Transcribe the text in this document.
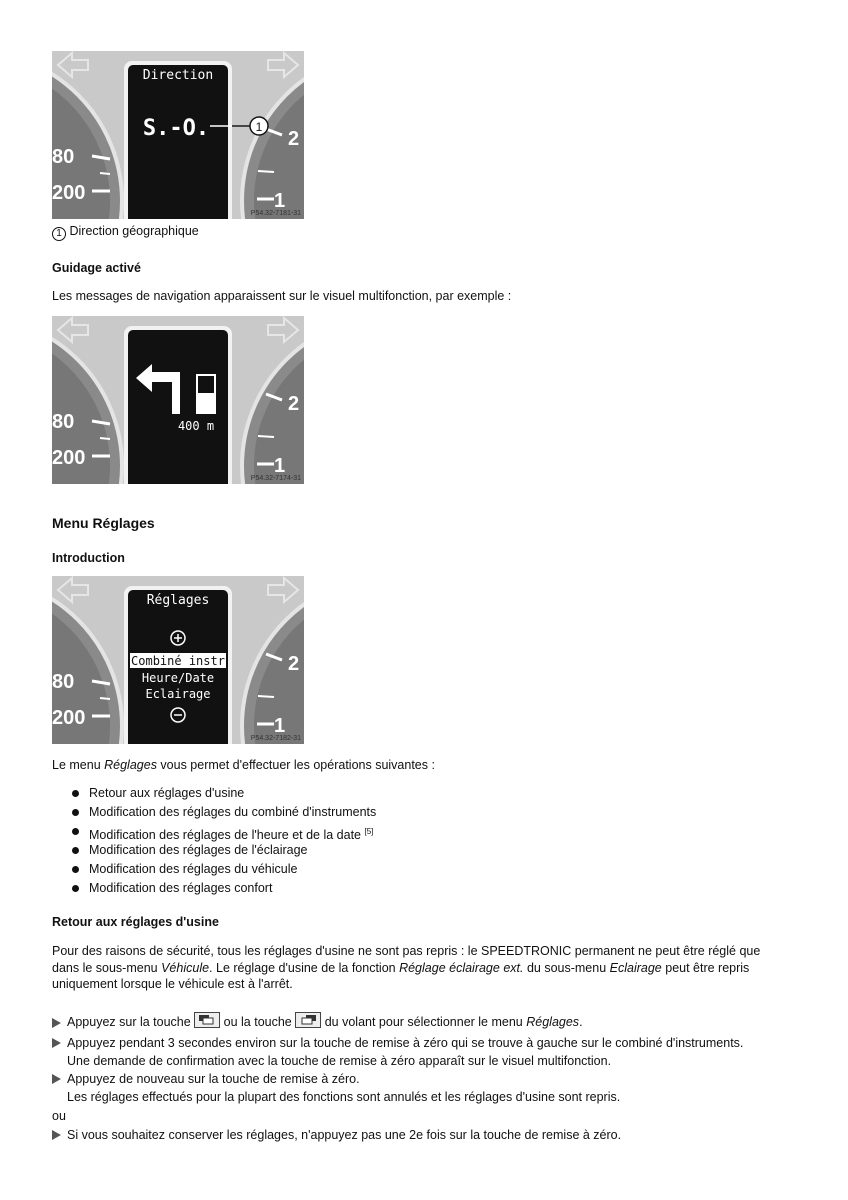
80
200
2
1
Direction
S.-O.	1
P54.32-7181-31
1 Direction géographique
Guidage activé
Les messages de navigation apparaissent sur le visuel multifonction, par exemple :
80
200
2
1
400 m
P54.32-7174-31
Menu Réglages
Introduction
80
200
2
1
Réglages
Combiné instr
Heure/Date
Eclairage
P54.32-7182-31
Le menu Réglages vous permet d'effectuer les opérations suivantes :
Retour aux réglages d'usine
Modification des réglages du combiné d'instruments
Modification des réglages de l'heure et de la date [5]
Modification des réglages de l'éclairage
Modification des réglages du véhicule
Modification des réglages confort
Retour aux réglages d'usine
Pour des raisons de sécurité, tous les réglages d'usine ne sont pas repris : le SPEEDTRONIC permanent ne peut être réglé que
dans le sous-menu Véhicule. Le réglage d'usine de la fonction Réglage éclairage ext. du sous-menu Eclairage peut être repris
uniquement lorsque le véhicule est à l'arrêt.
Appuyez sur la touche  ou la touche  du volant pour sélectionner le menu Réglages.
Appuyez pendant 3 secondes environ sur la touche de remise à zéro qui se trouve à gauche sur le combiné d'instruments.
Une demande de confirmation avec la touche de remise à zéro apparaît sur le visuel multifonction.
Appuyez de nouveau sur la touche de remise à zéro.
Les réglages effectués pour la plupart des fonctions sont annulés et les réglages d'usine sont repris.
ou
Si vous souhaitez conserver les réglages, n'appuyez pas une 2e fois sur la touche de remise à zéro.
